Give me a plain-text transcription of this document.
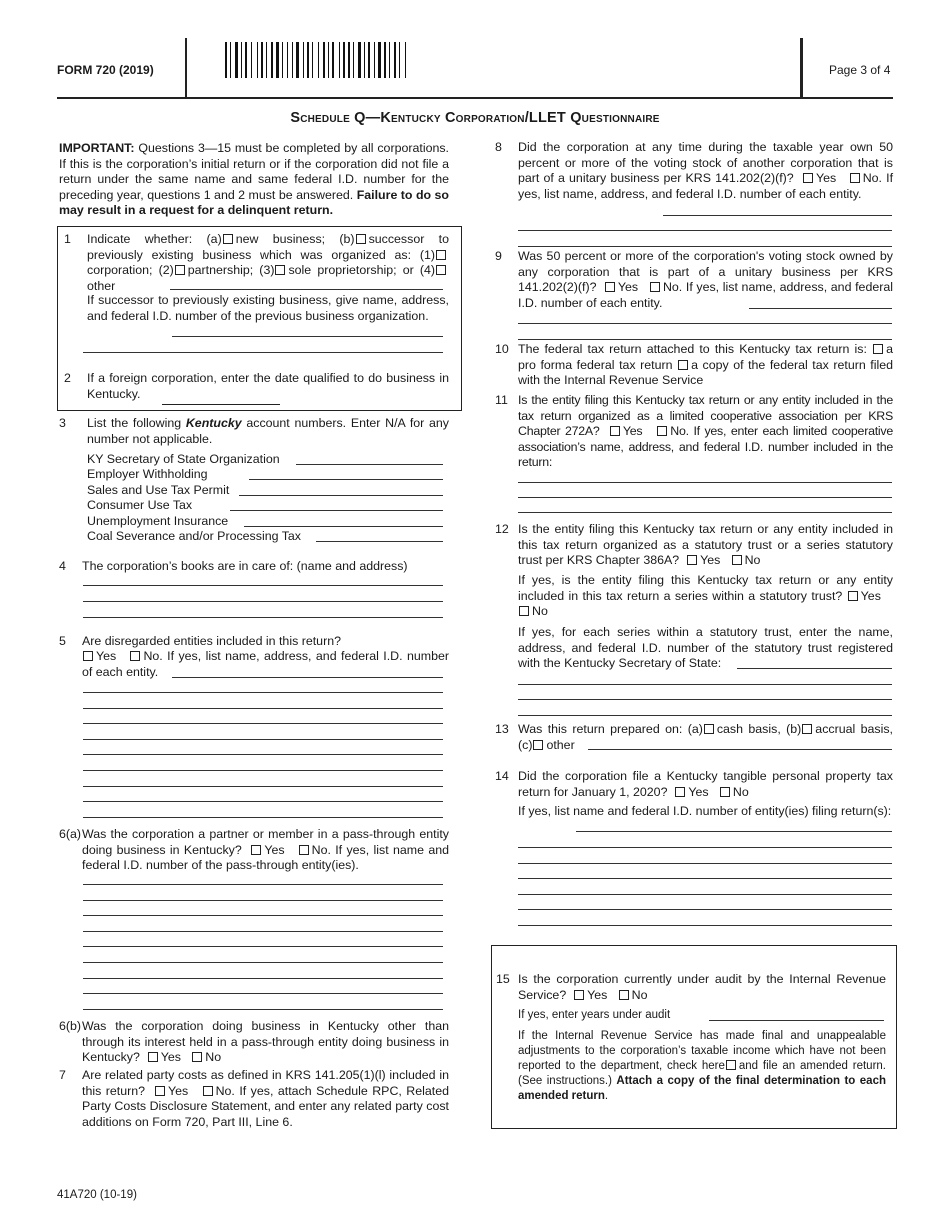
FORM 720 (2019)	Page 3 of 4
Schedule Q—Kentucky Corporation/LLET Questionnaire
IMPORTANT: Questions 3—15 must be completed by all corporations. If this is the corporation’s initial return or if the corporation did not file a return under the same name and same federal I.D. number for the preceding year, questions 1 and 2 must be answered. Failure to do so may result in a request for a delinquent return.
1 Indicate whether: (a) new business; (b) successor to previously existing business which was organized as: (1)corporation; (2) partnership; (3) sole proprietorship; or (4)other
If successor to previously existing business, give name, address, and federal I.D. number of the previous business organization.
2 If a foreign corporation, enter the date qualified to do business in Kentucky.
3 List the following Kentucky account numbers. Enter N/A for any number not applicable.
KY Secretary of State Organization
Employer Withholding
Sales and Use Tax Permit
Consumer Use Tax
Unemployment Insurance
Coal Severance and/or Processing Tax
4 The corporation’s books are in care of: (name and address)
5 Are disregarded entities included in this return?
Yes No. If yes, list name, address, and federal I.D. number of each entity.
6(a) Was the corporation a partner or member in a pass-through entity doing business in Kentucky? Yes No. If yes, list name and federal I.D. number of the pass-through entity(ies).
6(b) Was the corporation doing business in Kentucky other than through its interest held in a pass-through entity doing business in Kentucky? Yes No
7 Are related party costs as defined in KRS 141.205(1)(l) included in this return? Yes No. If yes, attach Schedule RPC, Related Party Costs Disclosure Statement, and enter any related party cost additions on Form 720, Part III, Line 6.
41A720 (10-19)
8 Did the corporation at any time during the taxable year own 50 percent or more of the voting stock of another corporation that is part of a unitary business per KRS 141.202(2)(f)? Yes No. If yes, list name, address, and federal I.D. number of each entity.
9 Was 50 percent or more of the corporation's voting stock owned by any corporation that is part of a unitary business per KRS 141.202(2)(f)? Yes No. If yes, list name, address, and federal I.D. number of each entity.
10 The federal tax return attached to this Kentucky tax return is: a pro forma federal tax return a copy of the federal tax return filed with the Internal Revenue Service
11 Is the entity filing this Kentucky tax return or any entity included in the tax return organized as a limited cooperative association per KRS Chapter 272A? Yes No. If yes, enter each limited cooperative association’s name, address, and federal I.D. number included in the return:
12 Is the entity filing this Kentucky tax return or any entity included in this tax return organized as a statutory trust or a series statutory trust per KRS Chapter 386A? Yes No
If yes, is the entity filing this Kentucky tax return or any entity included in this tax return a series within a statutory trust? Yes   No
If yes, for each series within a statutory trust, enter the name, address, and federal I.D. number of the statutory trust registered with the Kentucky Secretary of State:
13 Was this return prepared on: (a) cash basis, (b) accrual basis, (c) other
14 Did the corporation file a Kentucky tangible personal property tax return for January 1, 2020? Yes No
If yes, list name and federal I.D. number of entity(ies) filing return(s):
15 Is the corporation currently under audit by the Internal Revenue Service? Yes No
If yes, enter years under audit
If the Internal Revenue Service has made final and unappealable adjustments to the corporation’s taxable income which have not been reported to the department, check here and file an amended return. (See instructions.) Attach a copy of the final determination to each amended return.
